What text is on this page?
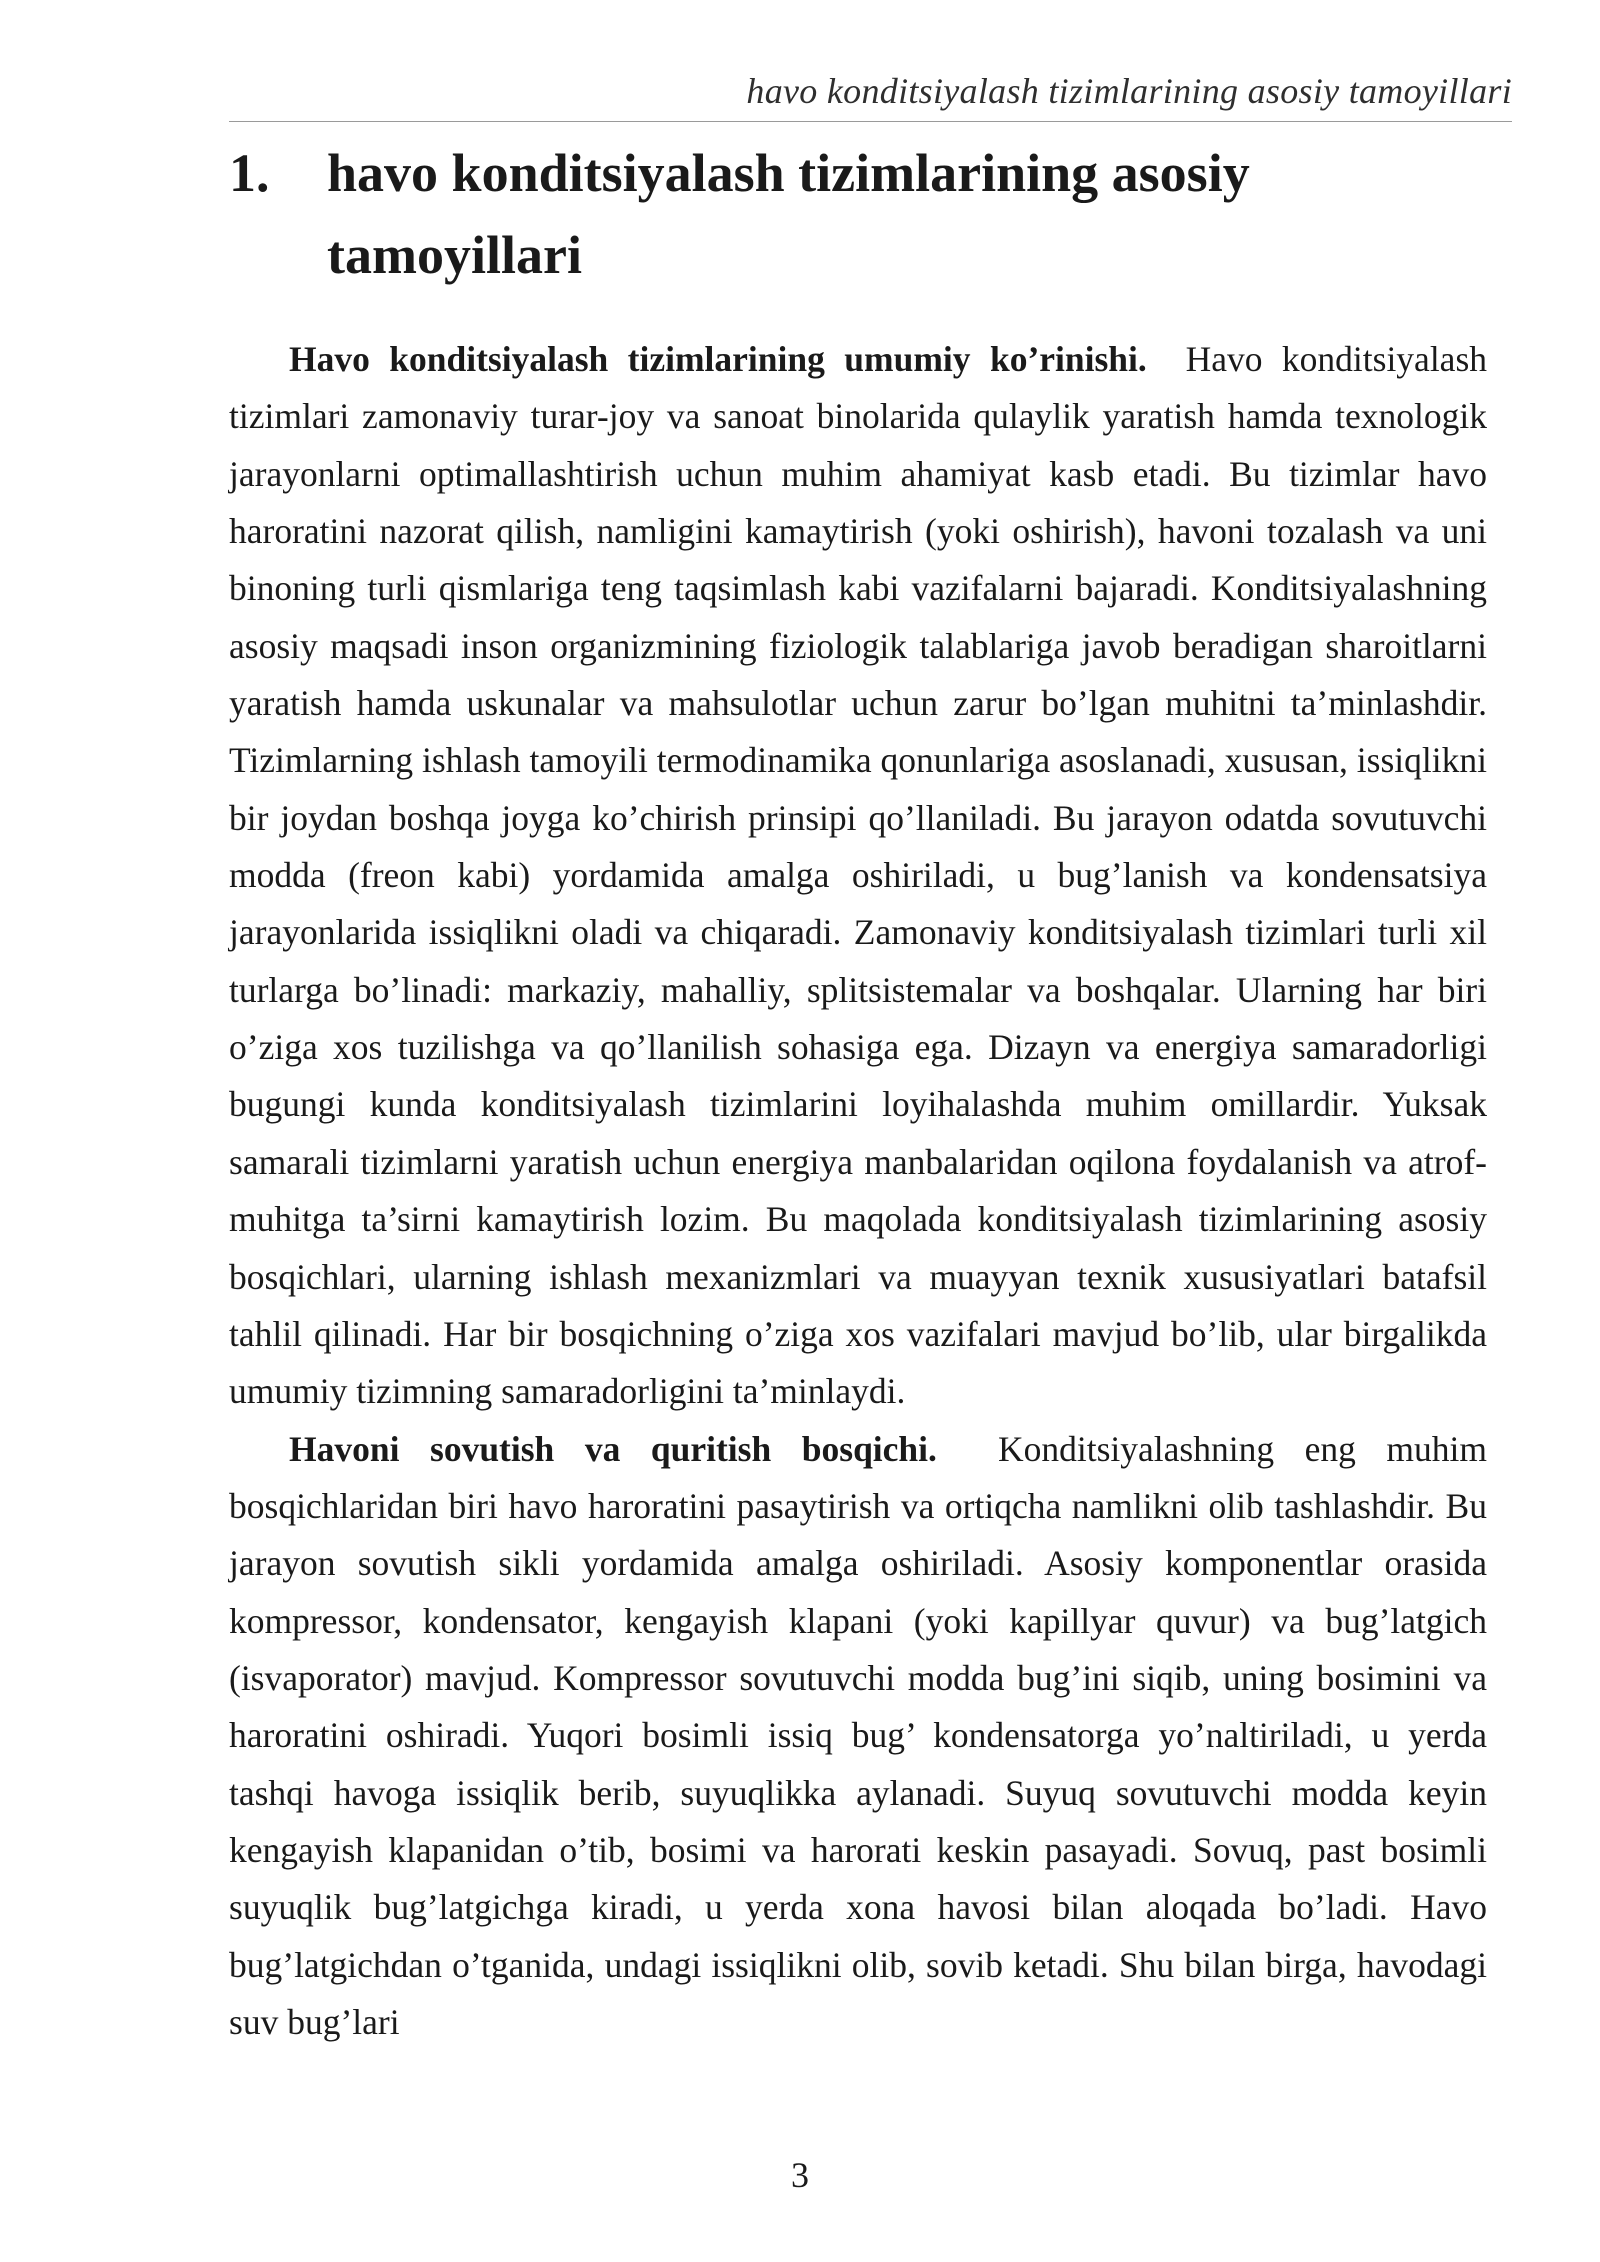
havo konditsiyalash tizimlarining asosiy tamoyillari
1. havo konditsiyalash tizimlarining asosiy tamoyillari

Havo konditsiyalash tizimlarining umumiy ko’rinishi. Havo konditsiyalash tizimlari zamonaviy turar-joy va sanoat binolarida qulaylik yaratish hamda texnologik jarayonlarni optimallashtirish uchun muhim ahamiyat kasb etadi. Bu tizimlar havo haroratini nazorat qilish, namligini kamaytirish (yoki oshirish), havoni tozalash va uni binoning turli qismlariga teng taqsimlash kabi vazifalarni bajaradi. Konditsiyalashning asosiy maqsadi inson organizmining fiziologik talablariga javob beradigan sharoitlarni yaratish hamda uskunalar va mahsulotlar uchun zarur bo’lgan muhitni ta’minlashdir. Tizimlarning ishlash tamoyili termodinamika qonunlariga asoslanadi, xususan, issiqlikni bir joydan boshqa joyga ko’chirish prinsipi qo’llaniladi. Bu jarayon odatda sovutuvchi modda (freon kabi) yordamida amalga oshiriladi, u bug’lanish va kondensatsiya jarayonlarida issiqlikni oladi va chiqaradi. Zamonaviy konditsiyalash tizimlari turli xil turlarga bo’linadi: markaziy, mahalliy, splitsistemalar va boshqalar. Ularning har biri o’ziga xos tuzilishga va qo’llanilish sohasiga ega. Dizayn va energiya samaradorligi bugungi kunda konditsiyalash tizimlarini loyihalashda muhim omillardir. Yuksak samarali tizimlarni yaratish uchun energiya manbalaridan oqilona foydalanish va atrof-muhitga ta’sirni kamaytirish lozim. Bu maqolada konditsiyalash tizimlarining asosiy bosqichlari, ularning ishlash mexanizmlari va muayyan texnik xususiyatlari batafsil tahlil qilinadi. Har bir bosqichning o’ziga xos vazifalari mavjud bo’lib, ular birgalikda umumiy tizimning samaradorligini ta’minlaydi.

Havoni sovutish va quritish bosqichi. Konditsiyalashning eng muhim bosqichlaridan biri havo haroratini pasaytirish va ortiqcha namlikni olib tashlashdir. Bu jarayon sovutish sikli yordamida amalga oshiriladi. Asosiy komponentlar orasida kompressor, kondensator, kengayish klapani (yoki kapillyar quvur) va bug’latgich (isvaporator) mavjud. Kompressor sovutuvchi modda bug’ini siqib, uning bosimini va haroratini oshiradi. Yuqori bosimli issiq bug’ kondensatorga yo’naltiriladi, u yerda tashqi havoga issiqlik berib, suyuqlikka aylanadi. Suyuq sovutuvchi modda keyin kengayish klapanidan o’tib, bosimi va harorati keskin pasayadi. Sovuq, past bosimli suyuqlik bug’latgichga kiradi, u yerda xona havosi bilan aloqada bo’ladi. Havo bug’latgichdan o’tganida, undagi issiqlikni olib, sovib ketadi. Shu bilan birga, havodagi suv bug’lari

3
